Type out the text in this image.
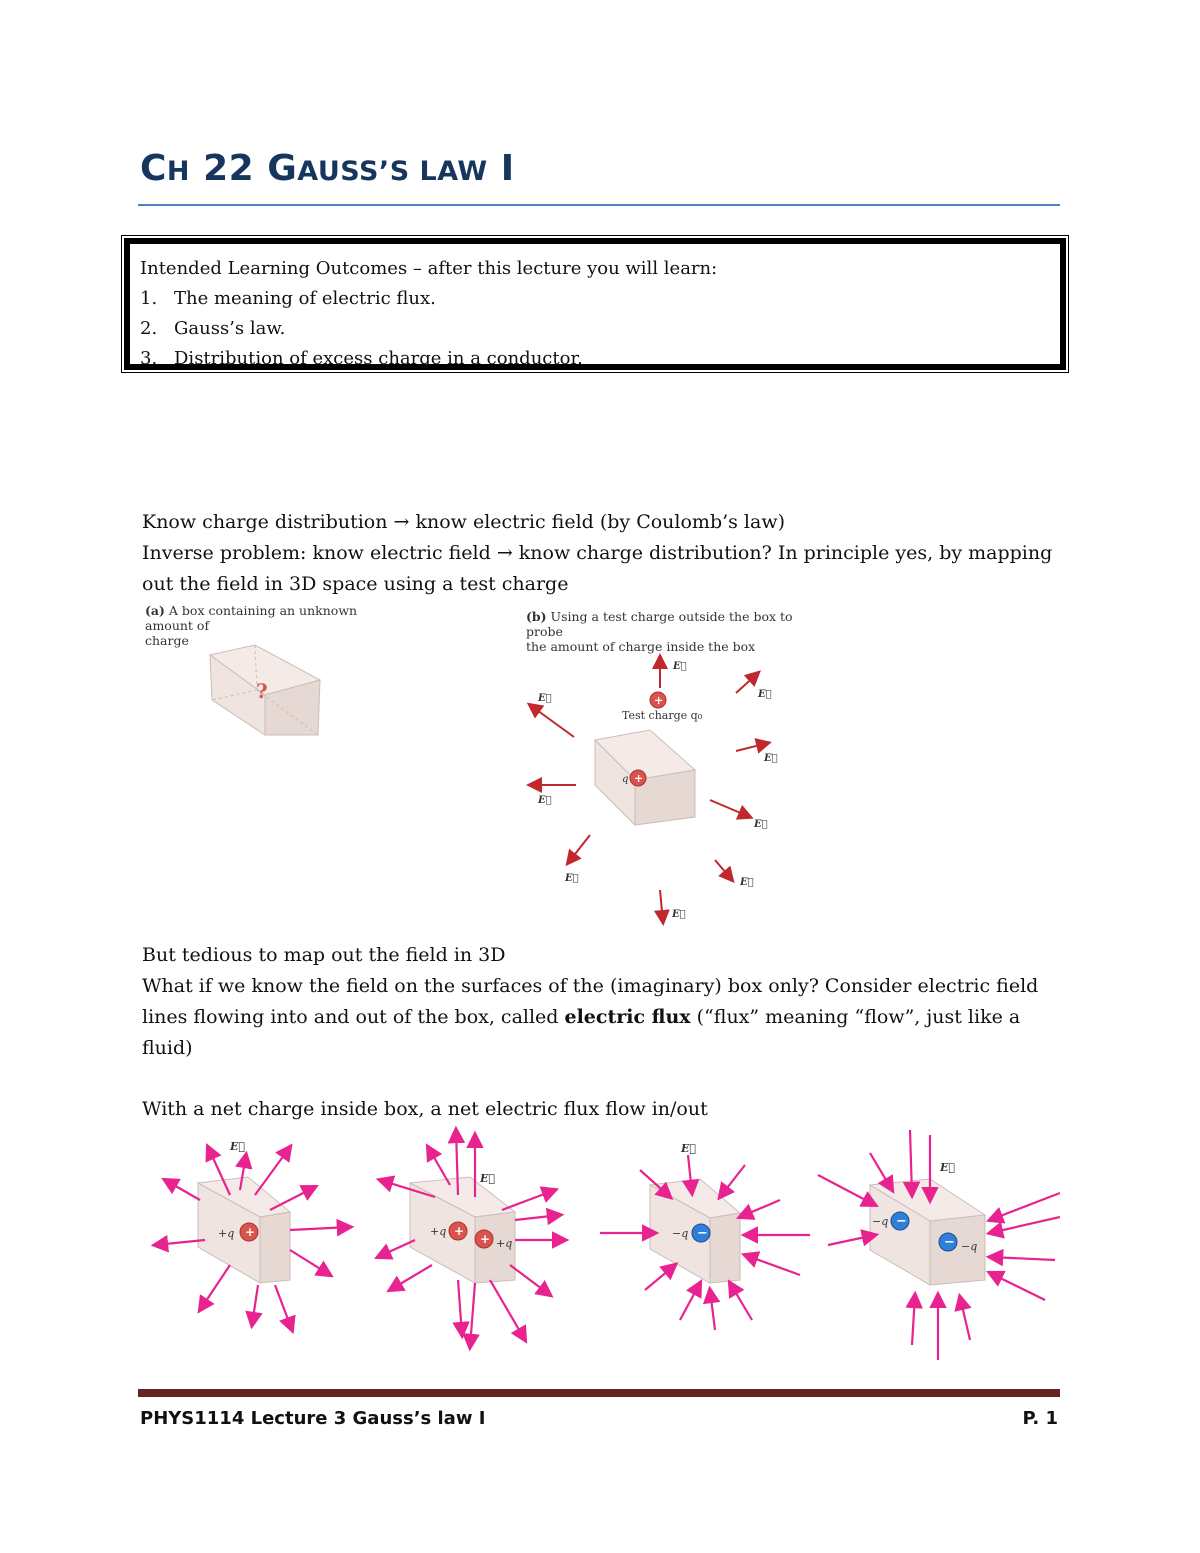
CH 22 GAUSS’S LAW I
Intended Learning Outcomes – after this lecture you will learn:
1. The meaning of electric flux.
2. Gauss’s law.
3. Distribution of excess charge in a conductor.
Know charge distribution → know electric field (by Coulomb’s law)
Inverse problem: know electric field → know charge distribution? In principle yes, by mapping
out the field in 3D space using a test charge
(a) A box containing an unknown amount of
charge
?
(b) Using a test charge outside the box to probe
the amount of charge inside the box
+
q
+
Test charge q₀
E⃗
E⃗
E⃗
E⃗
E⃗
E⃗
E⃗
E⃗
E⃗
But tedious to map out the field in 3D
What if we know the field on the surfaces of the (imaginary) box only? Consider electric field
lines flowing into and out of the box, called electric flux (“flux” meaning “flow”, just like a
fluid)
With a net charge inside box, a net electric flux flow in/out
+
+q
E⃗
+
+q
+ +q
E⃗
−
−q
E⃗
−
−q
− −q
E⃗
PHYS1114 Lecture 3 Gauss’s law I	P. 1
